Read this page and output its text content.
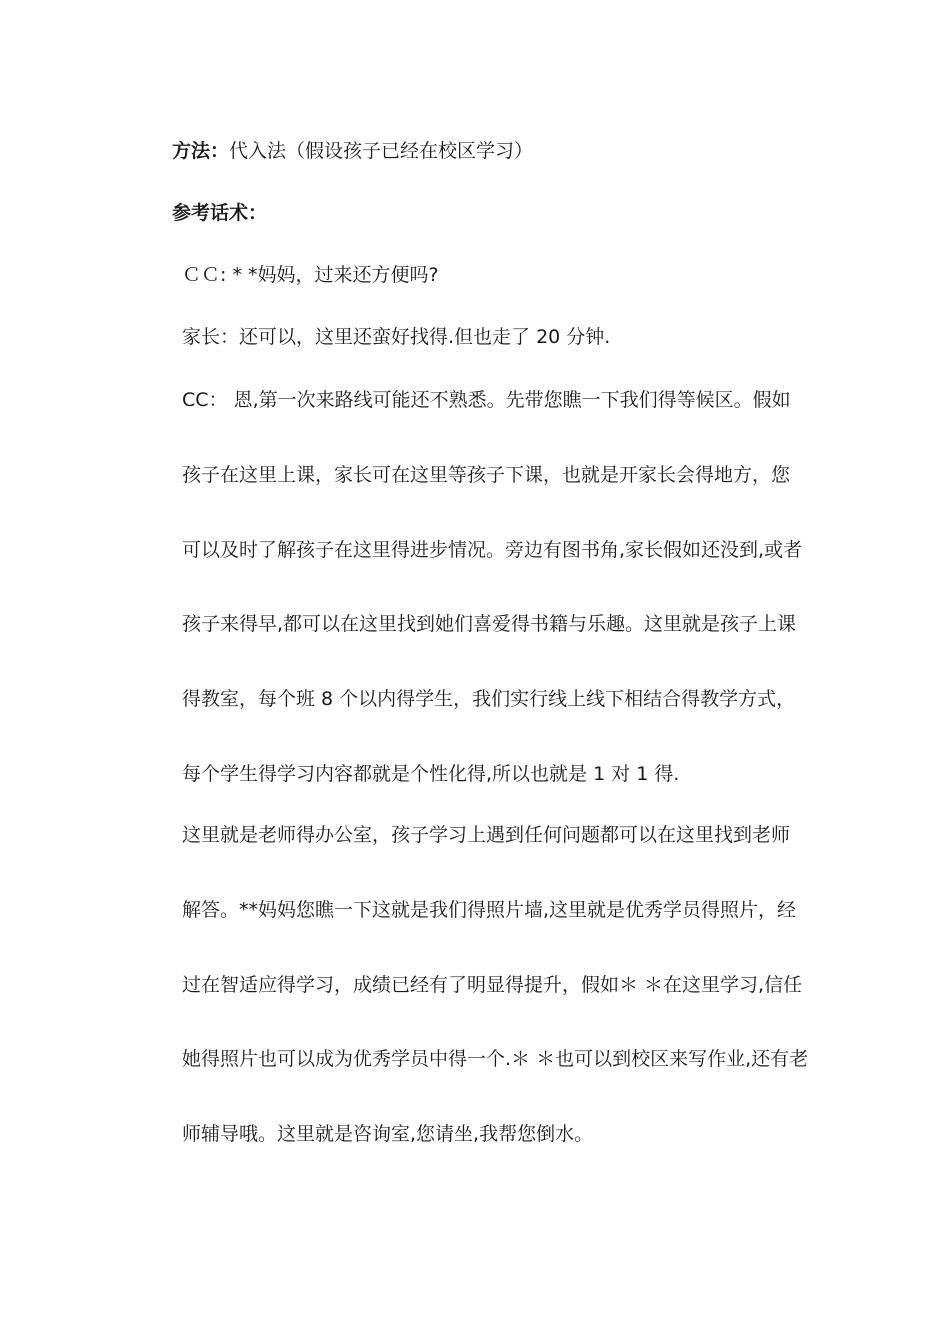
方法：代入法（假设孩子已经在校区学习）
参考话术：
ＣＣ: * *妈妈，过来还方便吗?
家长：还可以，这里还蛮好找得.但也走了 20 分钟.
CC： 恩,第一次来路线可能还不熟悉。先带您瞧一下我们得等候区。假如
孩子在这里上课，家长可在这里等孩子下课，也就是开家长会得地方，您
可以及时了解孩子在这里得进步情况。旁边有图书角,家长假如还没到,或者
孩子来得早,都可以在这里找到她们喜爱得书籍与乐趣。这里就是孩子上课
得教室，每个班 8 个以内得学生，我们实行线上线下相结合得教学方式，
每个学生得学习内容都就是个性化得,所以也就是 1 对 1 得.
这里就是老师得办公室，孩子学习上遇到任何问题都可以在这里找到老师
解答。**妈妈您瞧一下这就是我们得照片墙,这里就是优秀学员得照片，经
过在智适应得学习，成绩已经有了明显得提升，假如＊ ＊在这里学习,信任
她得照片也可以成为优秀学员中得一个.＊ ＊也可以到校区来写作业,还有老
师辅导哦。这里就是咨询室,您请坐,我帮您倒水。
